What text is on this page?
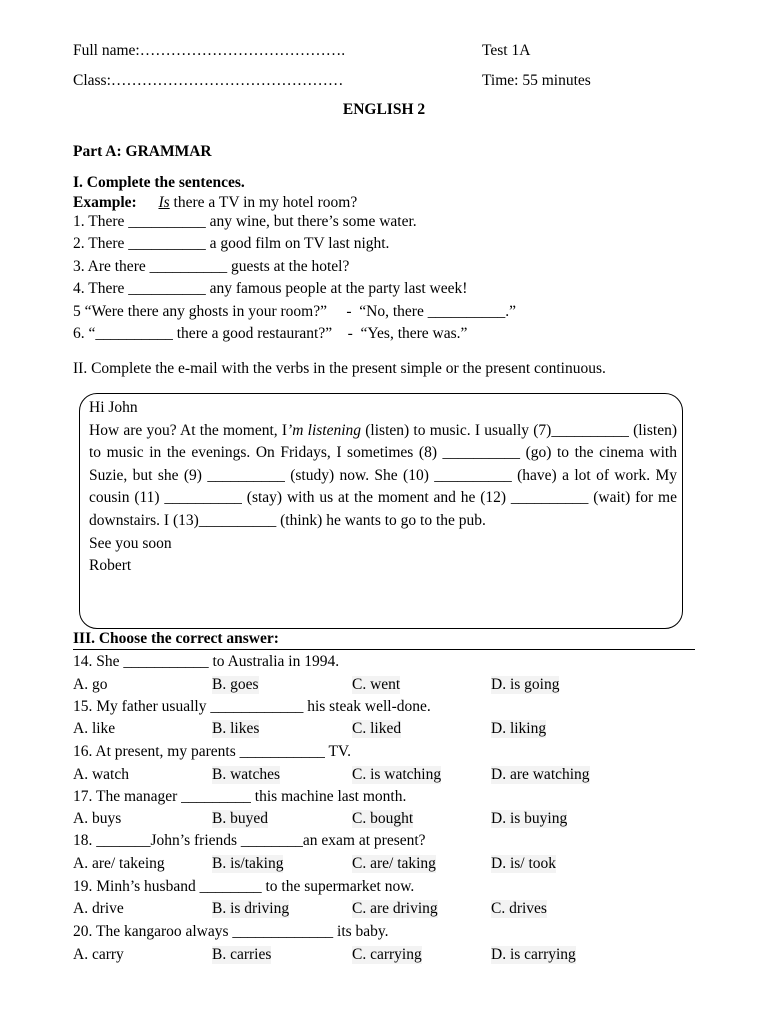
Full name:………………………………….	Test 1A
Class:………………………………………	Time: 55 minutes
ENGLISH 2
Part A: GRAMMAR
I. Complete the sentences.
Example: Is there a TV in my hotel room?
1. There __________ any wine, but there’s some water.
2. There __________ a good film on TV last night.
3. Are there __________ guests at the hotel?
4. There __________ any famous people at the party last week!
5 “Were there any ghosts in your room?”     -  “No, there __________.”
6. “__________ there a good restaurant?”    -  “Yes, there was.”
II. Complete the e-mail with the verbs in the present simple or the present continuous.

Hi John

How are you? At the moment, I’m listening (listen) to music. I usually (7)__________ (listen) to music in the evenings. On Fridays, I sometimes (8) __________ (go) to the cinema with Suzie, but she (9) __________ (study) now. She (10) __________ (have) a lot of work. My cousin (11) __________ (stay) with us at the moment and he (12) __________ (wait) for me downstairs. I (13)__________ (think) he wants to go to the pub.

See you soon

Robert

III. Choose the correct answer:
14. She ___________ to Australia in 1994.
A. go	B. goes	C. went	D. is going
15. My father usually ____________ his steak well-done.
A. like	B. likes	C. liked	D. liking
16. At present, my parents ___________ TV.
A. watch	B. watches	C. is watching	D. are watching
17. The manager _________ this machine last month.
A. buys	B. buyed	C. bought	D. is buying
18. _______John’s friends ________an exam at present?
A. are/ takeing	B. is/taking	C. are/ taking	D. is/ took
19. Minh’s husband ________ to the supermarket now.
A. drive	B. is driving	C. are driving	C. drives
20. The kangaroo always _____________ its baby.
A. carry	B. carries	C. carrying	D. is carrying
